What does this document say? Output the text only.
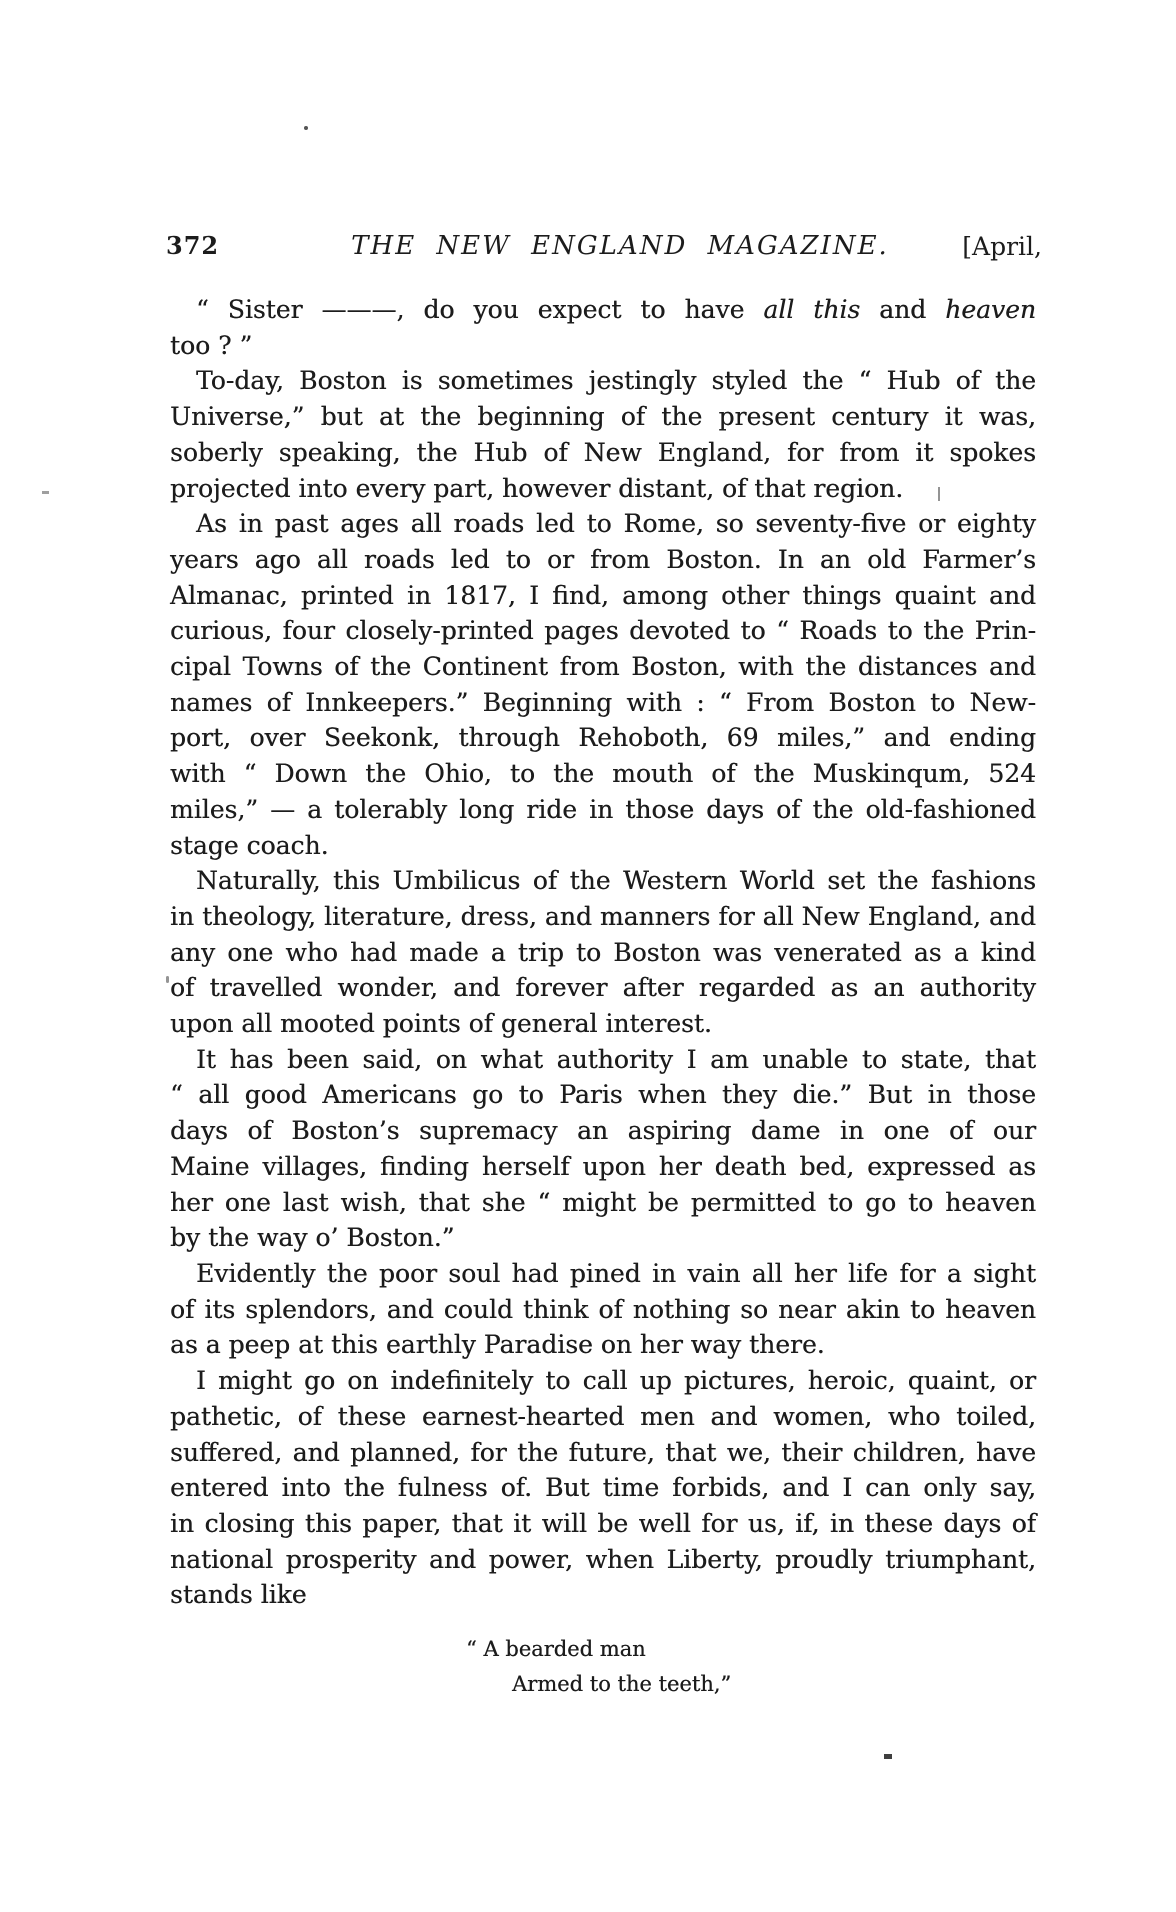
372	THE NEW ENGLAND MAGAZINE.	[April,
“ Sister ———, do you expect to have all this and heaven
too ? ”
To-day, Boston is sometimes jestingly styled the “ Hub of the
Universe,” but at the beginning of the present century it was,
soberly speaking, the Hub of New England, for from it spokes
projected into every part, however distant, of that region.
As in past ages all roads led to Rome, so seventy-five or eighty
years ago all roads led to or from Boston. In an old Farmer’s
Almanac, printed in 1817, I find, among other things quaint and
curious, four closely-printed pages devoted to “ Roads to the Prin-
cipal Towns of the Continent from Boston, with the distances and
names of Innkeepers.” Beginning with : “ From Boston to New-
port, over Seekonk, through Rehoboth, 69 miles,” and ending
with “ Down the Ohio, to the mouth of the Muskinqum, 524
miles,” — a tolerably long ride in those days of the old-fashioned
stage coach.
Naturally, this Umbilicus of the Western World set the fashions
in theology, literature, dress, and manners for all New England, and
any one who had made a trip to Boston was venerated as a kind
of travelled wonder, and forever after regarded as an authority
upon all mooted points of general interest.
It has been said, on what authority I am unable to state, that
“ all good Americans go to Paris when they die.” But in those
days of Boston’s supremacy an aspiring dame in one of our
Maine villages, finding herself upon her death bed, expressed as
her one last wish, that she “ might be permitted to go to heaven
by the way o’ Boston.”
Evidently the poor soul had pined in vain all her life for a sight
of its splendors, and could think of nothing so near akin to heaven
as a peep at this earthly Paradise on her way there.
I might go on indefinitely to call up pictures, heroic, quaint, or
pathetic, of these earnest-hearted men and women, who toiled,
suffered, and planned, for the future, that we, their children, have
entered into the fulness of. But time forbids, and I can only say,
in closing this paper, that it will be well for us, if, in these days of
national prosperity and power, when Liberty, proudly triumphant,
stands like
“ A bearded man
Armed to the teeth,”
